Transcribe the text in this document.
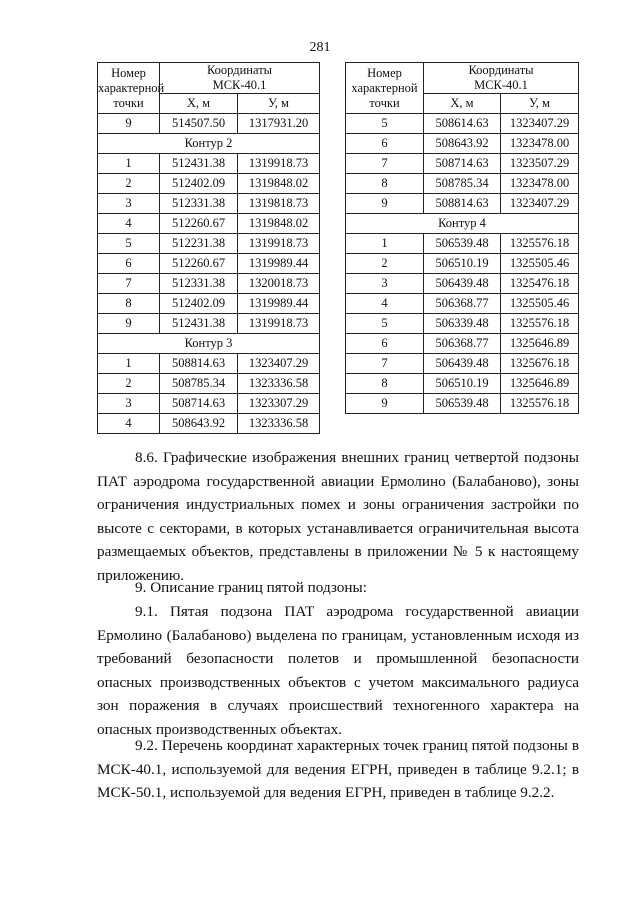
281
Номер
характерной
точки	Координаты
МСК-40.1	
	X, м	У, м
9	514507.50	1317931.20
Контур 2		
1	512431.38	1319918.73
2	512402.09	1319848.02
3	512331.38	1319818.73
4	512260.67	1319848.02
5	512231.38	1319918.73
6	512260.67	1319989.44
7	512331.38	1320018.73
8	512402.09	1319989.44
9	512431.38	1319918.73
Контур 3		
1	508814.63	1323407.29
2	508785.34	1323336.58
3	508714.63	1323307.29
4	508643.92	1323336.58
Номер
характерной
точки	Координаты
МСК-40.1	
	X, м	У, м
5	508614.63	1323407.29
6	508643.92	1323478.00
7	508714.63	1323507.29
8	508785.34	1323478.00
9	508814.63	1323407.29
Контур 4		
1	506539.48	1325576.18
2	506510.19	1325505.46
3	506439.48	1325476.18
4	506368.77	1325505.46
5	506339.48	1325576.18
6	506368.77	1325646.89
7	506439.48	1325676.18
8	506510.19	1325646.89
9	506539.48	1325576.18

8.6. Графические изображения внешних границ четвертой подзоны ПАТ аэродрома государственной авиации Ермолино (Балабаново), зоны ограничения индустриальных помех и зоны ограничения застройки по высоте с секторами, в которых устанавливается ограничительная высота размещаемых объектов, представлены в приложении № 5 к настоящему приложению.

9. Описание границ пятой подзоны:

9.1. Пятая подзона ПАТ аэродрома государственной авиации Ермолино (Балабаново) выделена по границам, установленным исходя из требований безопасности полетов и промышленной безопасности опасных производственных объектов с учетом максимального радиуса зон поражения в случаях происшествий техногенного характера на опасных производственных объектах.

9.2. Перечень координат характерных точек границ пятой подзоны в МСК-40.1, используемой для ведения ЕГРН, приведен в таблице 9.2.1; в МСК-50.1, используемой для ведения ЕГРН, приведен в таблице 9.2.2.
